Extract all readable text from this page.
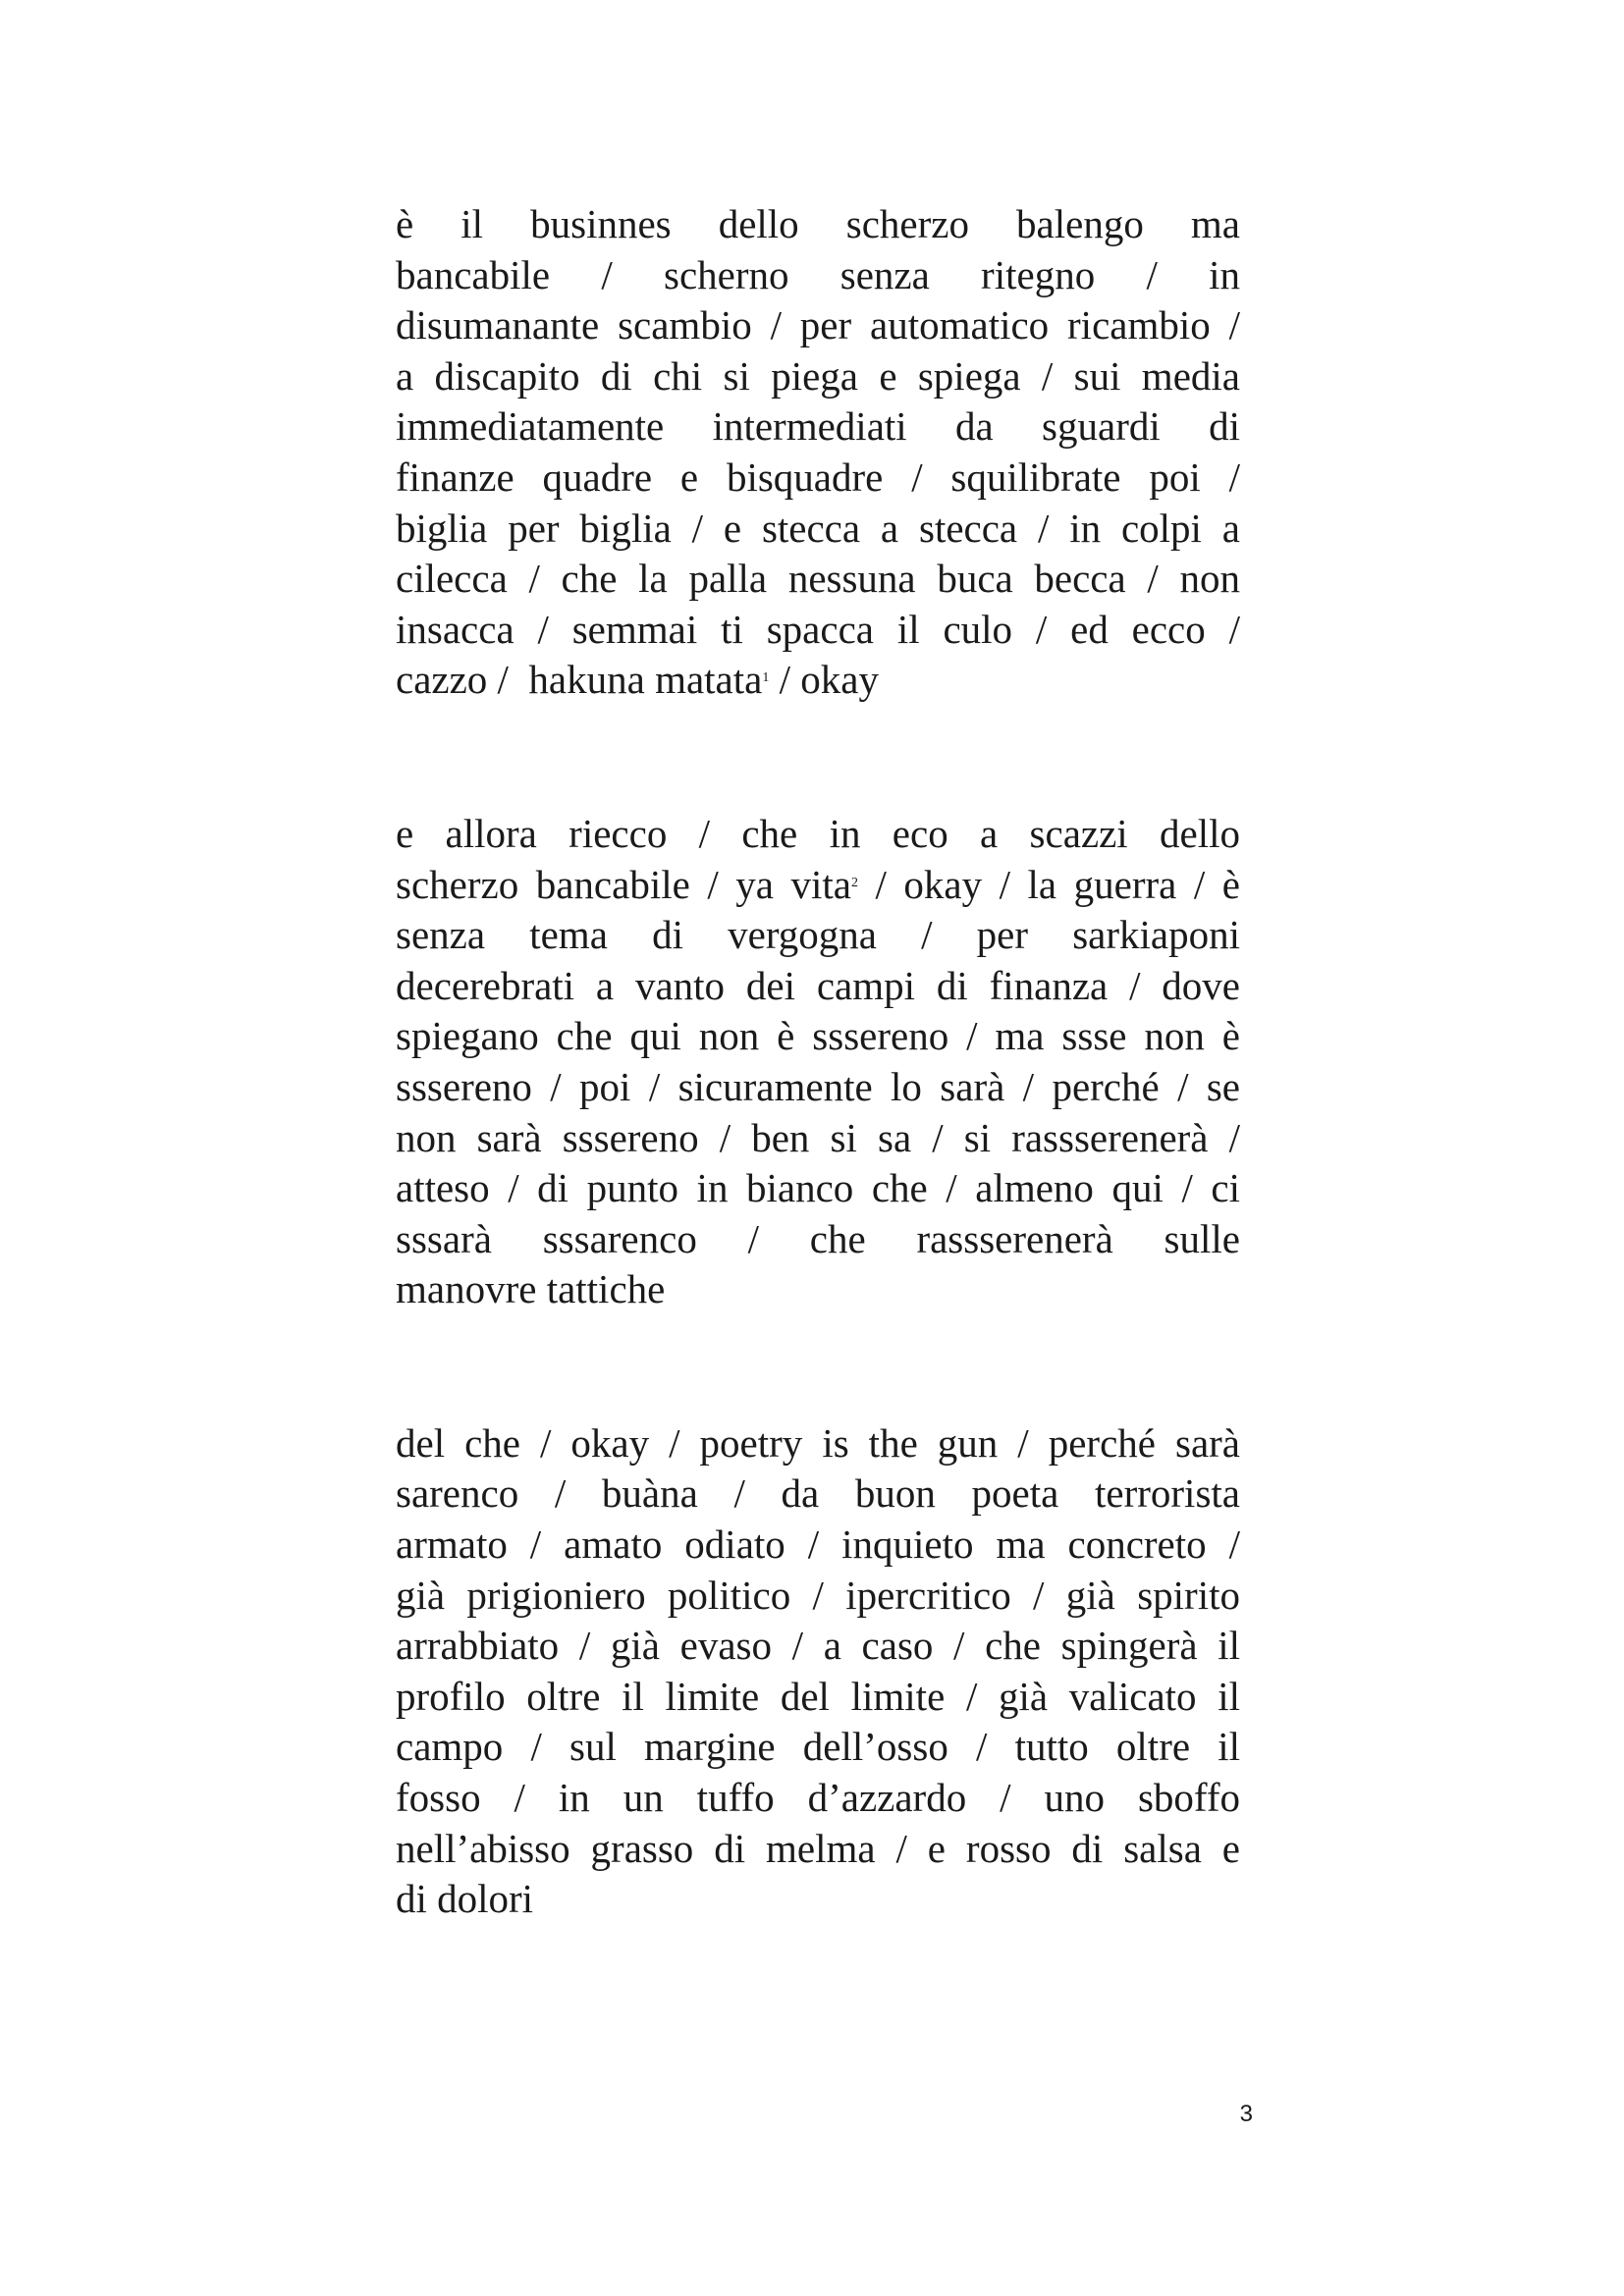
è il businnes dello scherzo balengo ma
bancabile / scherno senza ritegno / in
disumanante scambio / per automatico ricambio /
a discapito di chi si piega e spiega / sui media
immediatamente intermediati da sguardi di
finanze quadre e bisquadre / squilibrate poi /
biglia per biglia / e stecca a stecca / in colpi a
cilecca / che la palla nessuna buca becca / non
insacca / semmai ti spacca il culo / ed ecco /
cazzo /  hakuna matata$^1$ / okay

e allora riecco / che in eco a scazzi dello
scherzo bancabile / ya vita$^2$ / okay / la guerra / è
senza tema di vergogna / per sarkiaponi
decerebrati a vanto dei campi di finanza / dove
spiegano che qui non è sssereno / ma ssse non è
sssereno / poi / sicuramente lo sarà / perché / se
non sarà sssereno / ben si sa / si rassserenerà /
atteso / di punto in bianco che / almeno qui / ci
sssarà sssarenco / che rassserenerà sulle
manovre tattiche

del che / okay / poetry is the gun / perché sarà
sarenco / buàna / da buon poeta terrorista
armato / amato odiato / inquieto ma concreto /
già prigioniero politico / ipercritico / già spirito
arrabbiato / già evaso / a caso / che spingerà il
profilo oltre il limite del limite / già valicato il
campo / sul margine dell’osso / tutto oltre il
fosso / in un tuffo d’azzardo / uno sboffo
nell’abisso grasso di melma / e rosso di salsa e
di dolori

3
